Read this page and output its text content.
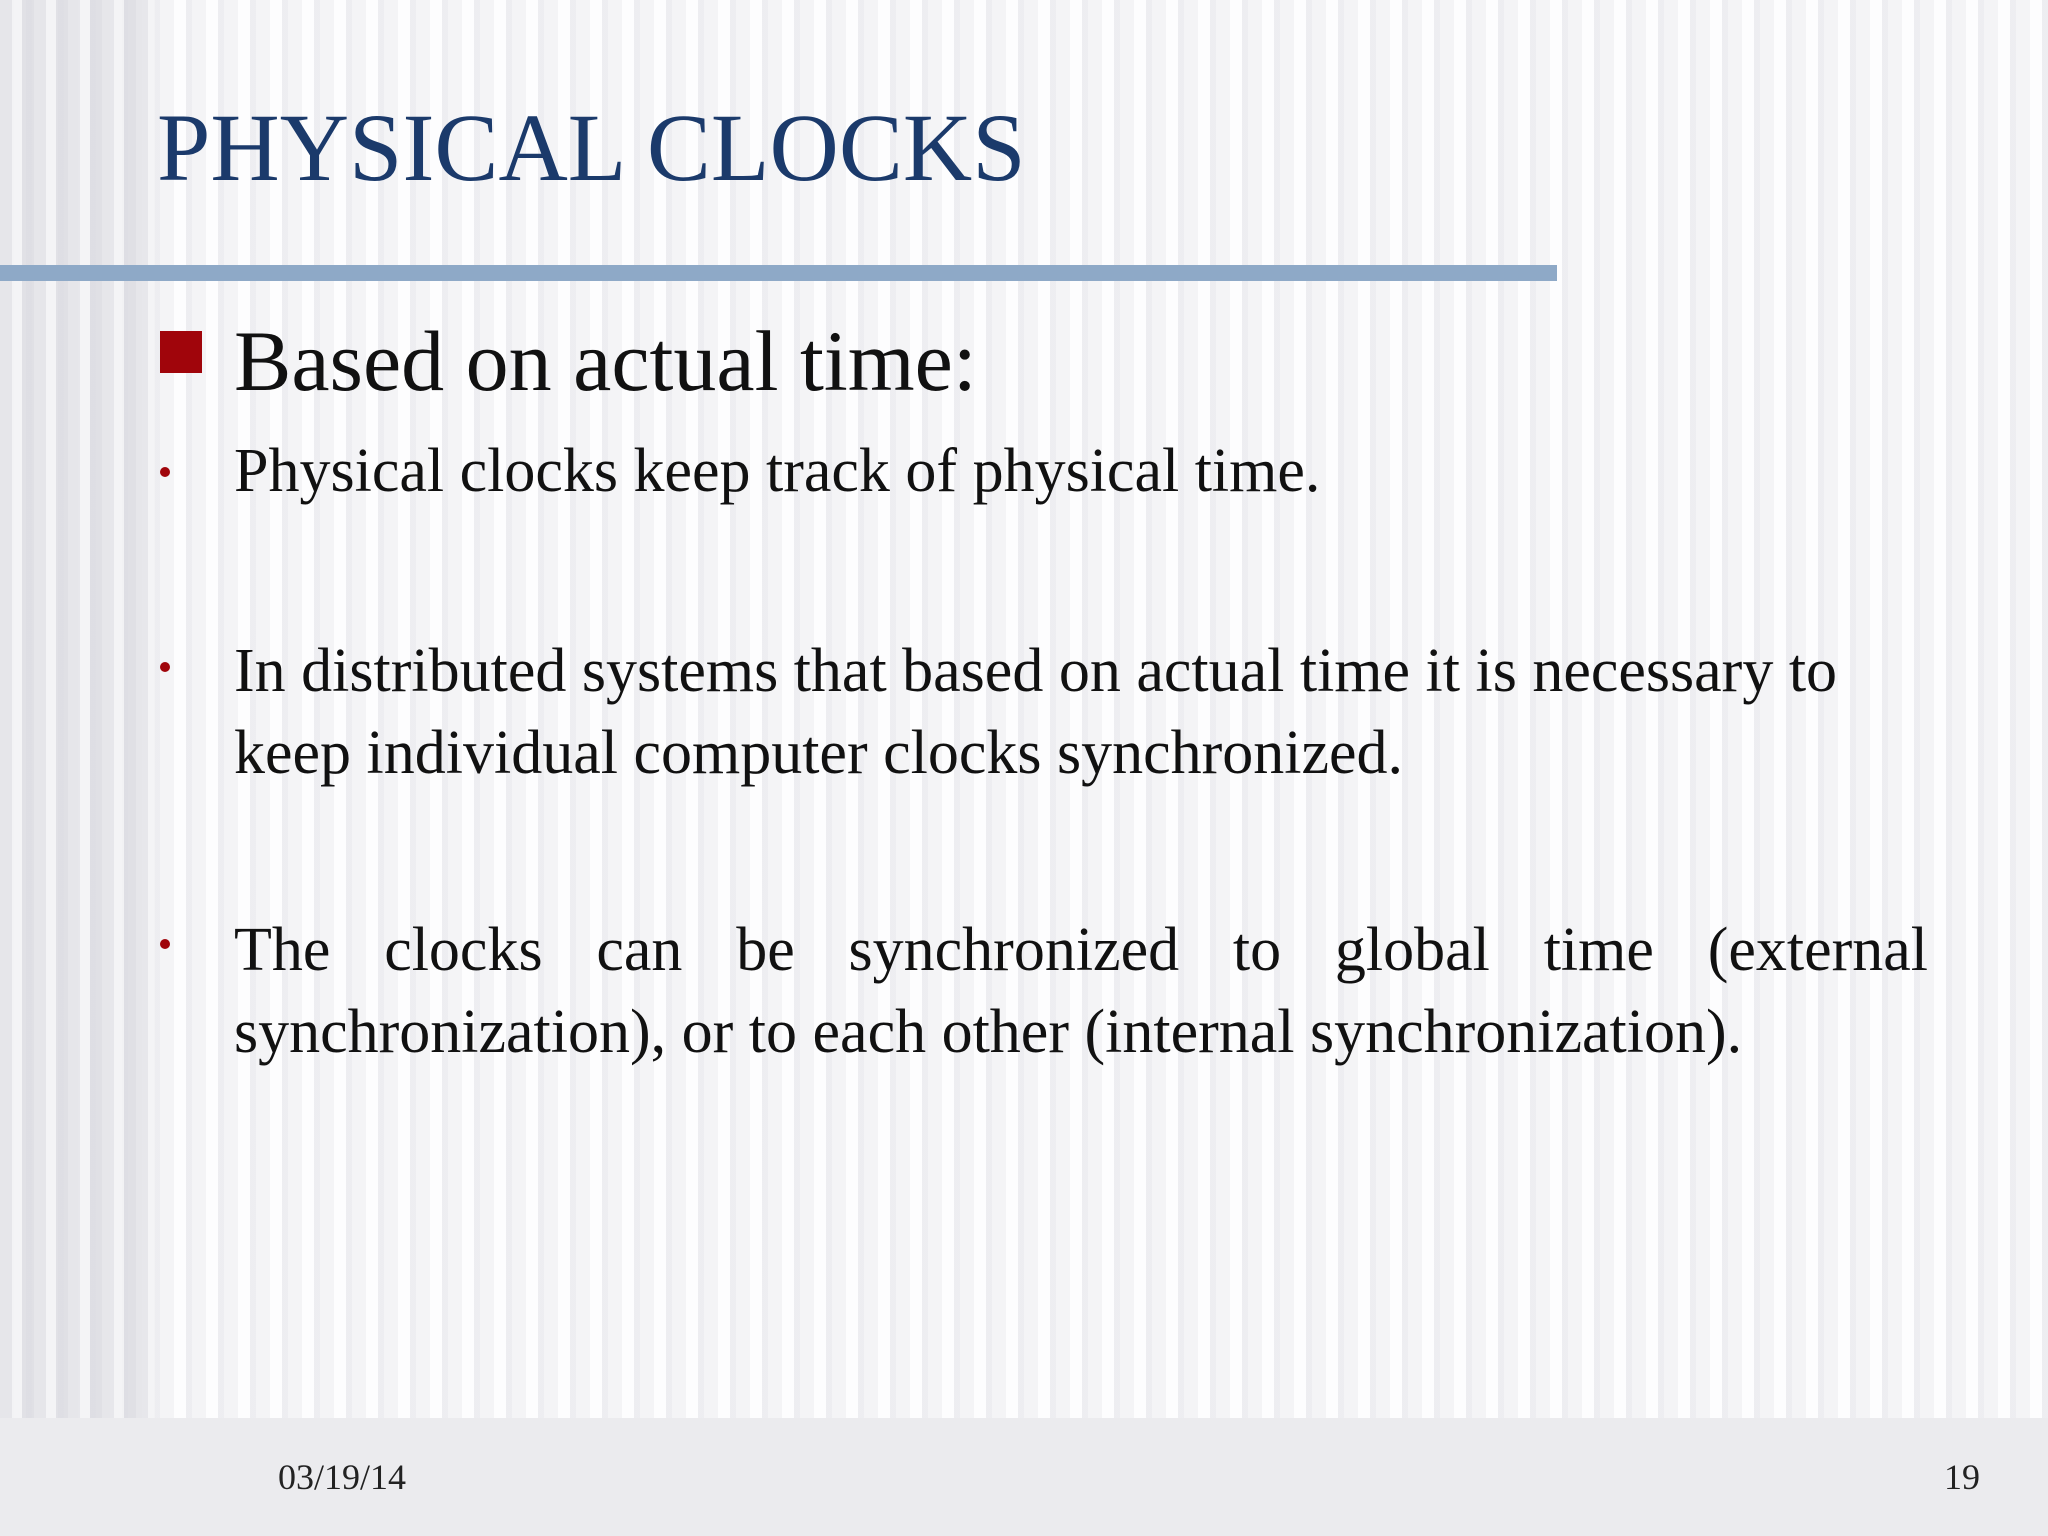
PHYSICAL CLOCKS
Based on actual time:
Physical clocks keep track of physical time.
In distributed systems that based on actual time it is necessary to keep individual computer clocks synchronized.
The clocks can be synchronized to global time (external synchronization), or to each other (internal synchronization).
03/19/14	19
